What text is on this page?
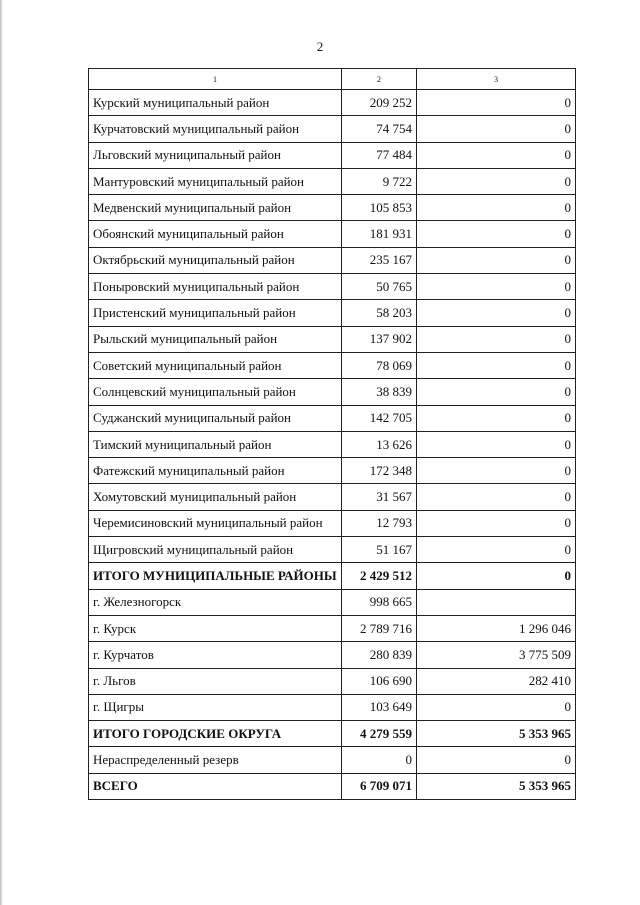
2
1	2	3
Курский муниципальный район	209 252	0
Курчатовский муниципальный район	74 754	0
Льговский муниципальный район	77 484	0
Мантуровский муниципальный район	9 722	0
Медвенский муниципальный район	105 853	0
Обоянский муниципальный район	181 931	0
Октябрьский муниципальный район	235 167	0
Поныровский муниципальный район	50 765	0
Пристенский муниципальный район	58 203	0
Рыльский муниципальный район	137 902	0
Советский муниципальный район	78 069	0
Солнцевский муниципальный район	38 839	0
Суджанский муниципальный район	142 705	0
Тимский муниципальный район	13 626	0
Фатежский муниципальный район	172 348	0
Хомутовский муниципальный район	31 567	0
Черемисиновский муниципальный район	12 793	0
Щигровский муниципальный район	51 167	0
ИТОГО МУНИЦИПАЛЬНЫЕ РАЙОНЫ	2 429 512	0
г. Железногорск	998 665	
г. Курск	2 789 716	1 296 046
г. Курчатов	280 839	3 775 509
г. Льгов	106 690	282 410
г. Щигры	103 649	0
ИТОГО ГОРОДСКИЕ ОКРУГА	4 279 559	5 353 965
Нераспределенный резерв	0	0
ВСЕГО	6 709 071	5 353 965
